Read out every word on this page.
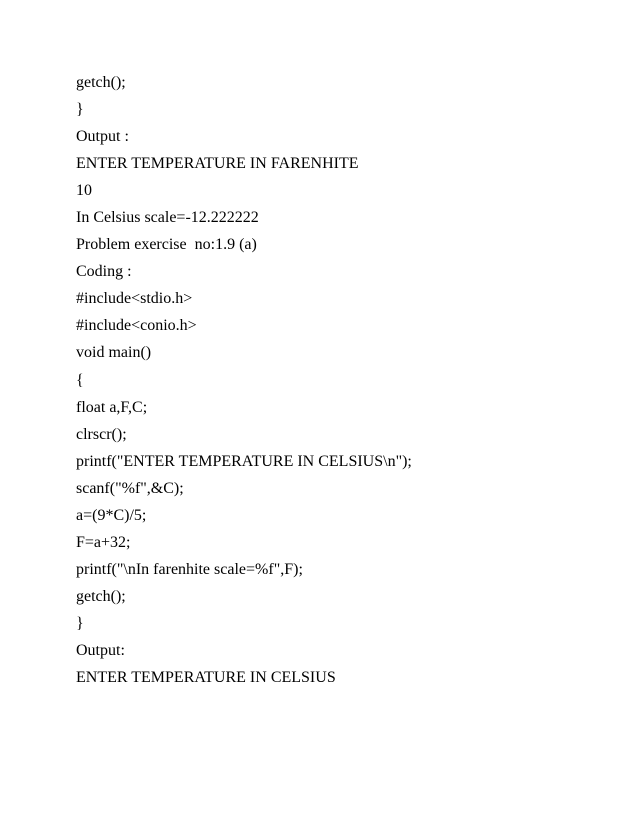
getch();
}
Output :
ENTER TEMPERATURE IN FARENHITE
10
In Celsius scale=-12.222222
Problem exercise  no:1.9 (a)
Coding :
#include<stdio.h>
#include<conio.h>
void main()
{
float a,F,C;
clrscr();
printf("ENTER TEMPERATURE IN CELSIUS\n");
scanf("%f",&C);
a=(9*C)/5;
F=a+32;
printf("\nIn farenhite scale=%f",F);
getch();
}
Output:
ENTER TEMPERATURE IN CELSIUS
